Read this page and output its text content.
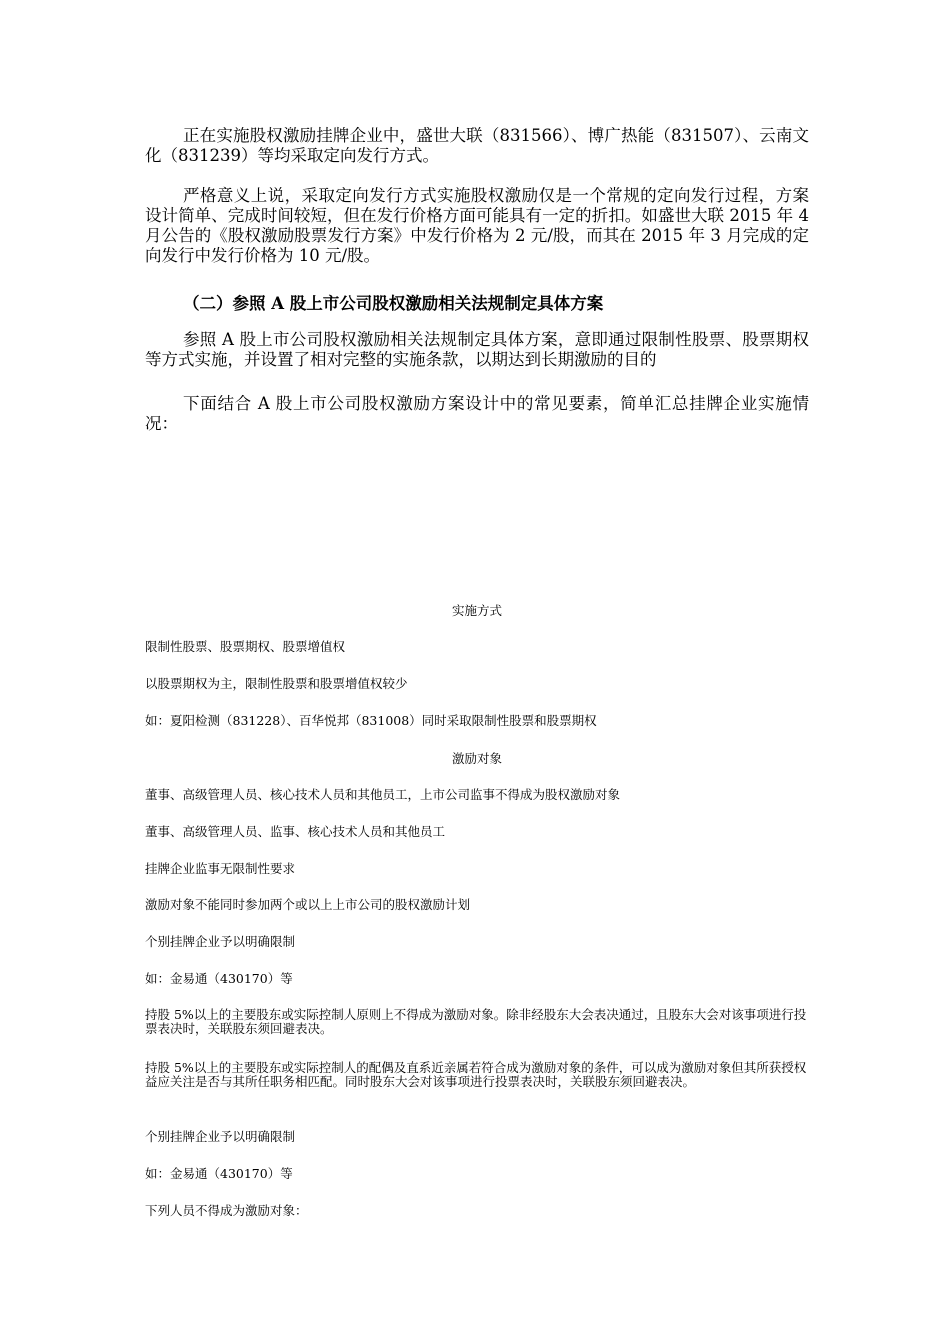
正在实施股权激励挂牌企业中，盛世大联（831566）、博广热能（831507）、云南文化（831239）等均采取定向发行方式。

严格意义上说，采取定向发行方式实施股权激励仅是一个常规的定向发行过程，方案设计简单、完成时间较短，但在发行价格方面可能具有一定的折扣。如盛世大联 2015 年 4 月公告的《股权激励股票发行方案》中发行价格为 2 元/股，而其在 2015 年 3 月完成的定向发行中发行价格为 10 元/股。

（二）参照 A 股上市公司股权激励相关法规制定具体方案

参照 A 股上市公司股权激励相关法规制定具体方案，意即通过限制性股票、股票期权等方式实施，并设置了相对完整的实施条款，以期达到长期激励的目的

下面结合 A 股上市公司股权激励方案设计中的常见要素，简单汇总挂牌企业实施情况：

实施方式

限制性股票、股票期权、股票增值权

以股票期权为主，限制性股票和股票增值权较少

如：夏阳检测（831228）、百华悦邦（831008）同时采取限制性股票和股票期权

激励对象

董事、高级管理人员、核心技术人员和其他员工，上市公司监事不得成为股权激励对象

董事、高级管理人员、监事、核心技术人员和其他员工

挂牌企业监事无限制性要求

激励对象不能同时参加两个或以上上市公司的股权激励计划

个别挂牌企业予以明确限制

如：金易通（430170）等

持股 5%以上的主要股东或实际控制人原则上不得成为激励对象。除非经股东大会表决通过，且股东大会对该事项进行投票表决时，关联股东须回避表决。

持股 5%以上的主要股东或实际控制人的配偶及直系近亲属若符合成为激励对象的条件，可以成为激励对象但其所获授权益应关注是否与其所任职务相匹配。同时股东大会对该事项进行投票表决时，关联股东须回避表决。

个别挂牌企业予以明确限制

如：金易通（430170）等

下列人员不得成为激励对象：
